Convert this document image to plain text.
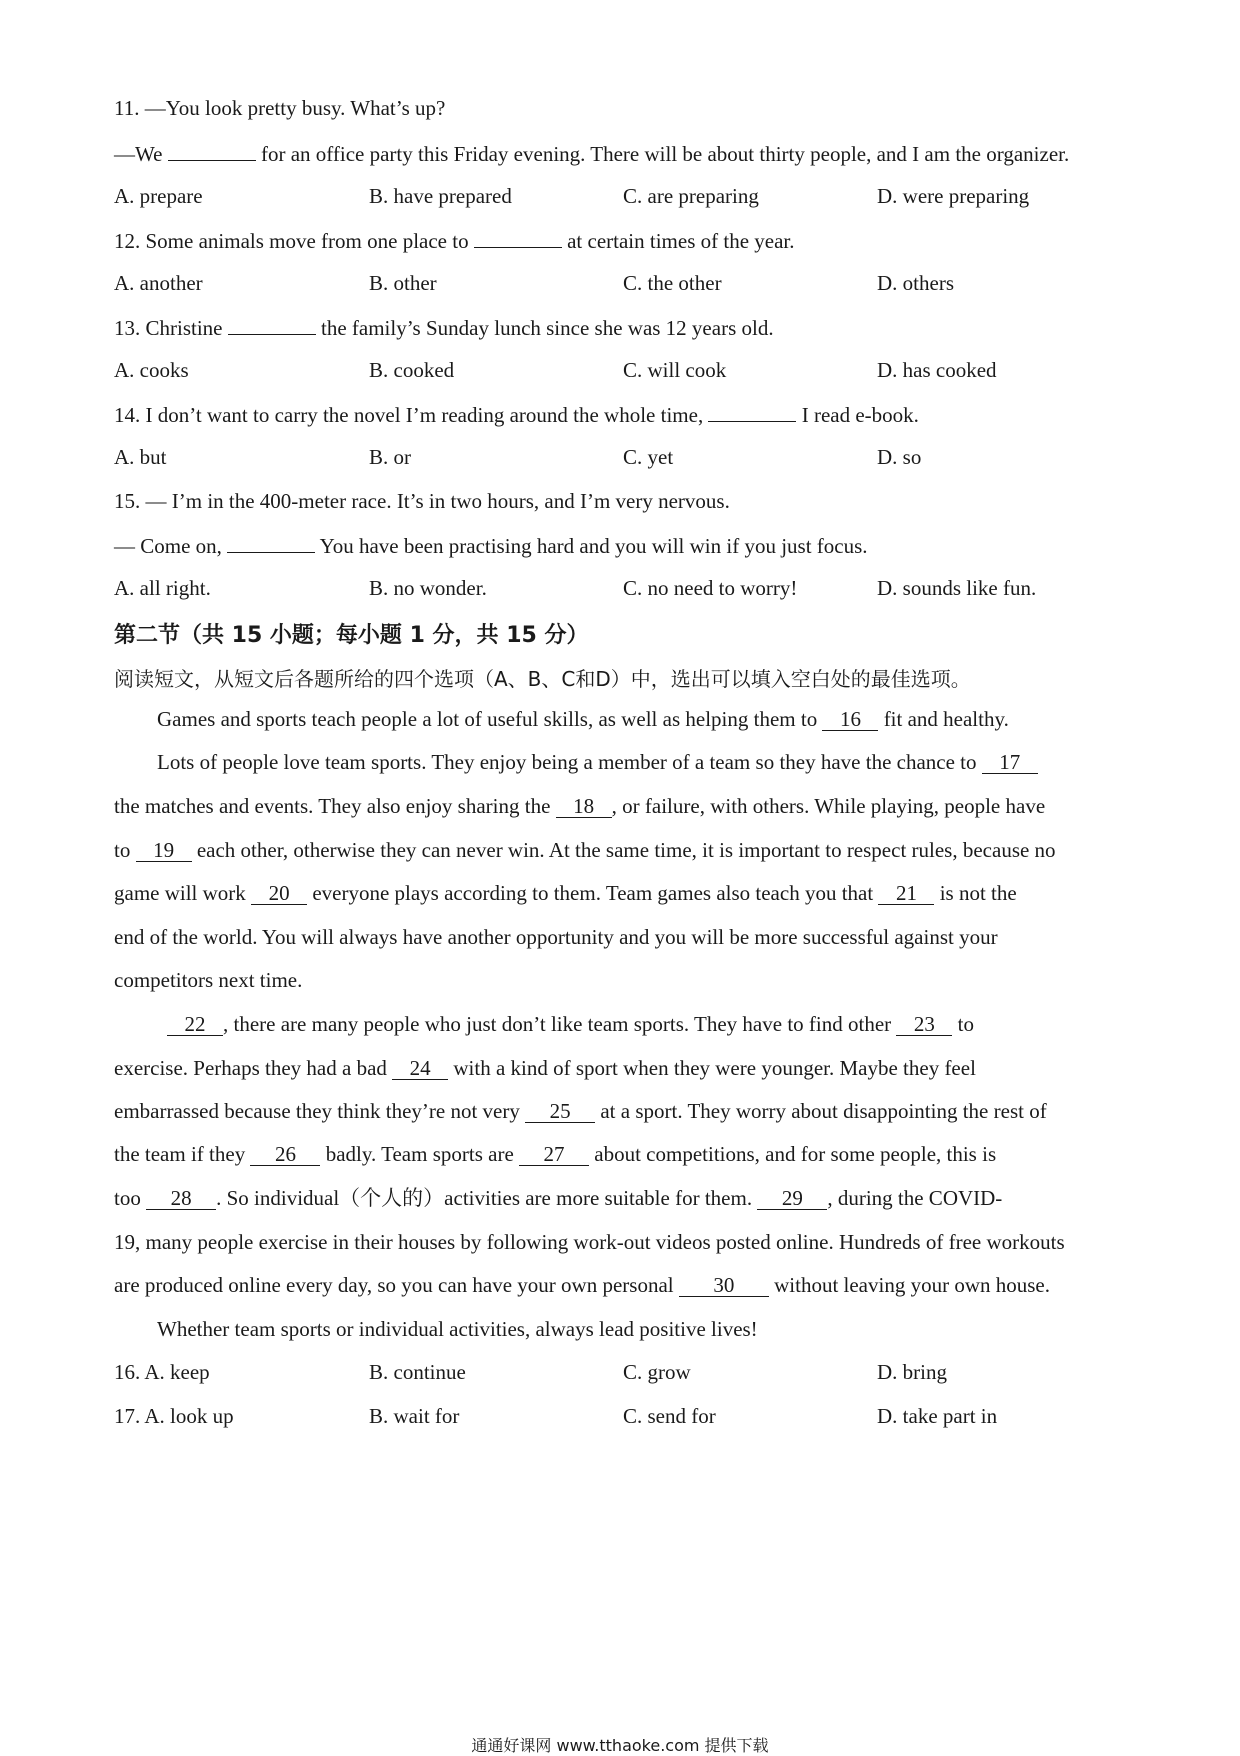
11. —You look pretty busy. What’s up?
—We	for an office party this Friday evening. There will be about thirty people, and I am the organizer.
A. prepare	B. have prepared	C. are preparing	D. were preparing
12. Some animals move from one place to	at certain times of the year.
A. another	B. other	C. the other	D. others
13. Christine	the family’s Sunday lunch since she was 12 years old.
A. cooks	B. cooked	C. will cook	D. has cooked
14. I don’t want to carry the novel I’m reading around the whole time,	I read e-book.
A. but	B. or	C. yet	D. so
15. — I’m in the 400-meter race. It’s in two hours, and I’m very nervous.
— Come on,	You have been practising hard and you will win if you just focus.
A. all right.	B. no wonder.	C. no need to worry!	D. sounds like fun.
第二节（共 15 小题；每小题 1 分，共 15 分）
阅读短文，从短文后各题所给的四个选项（A、B、C和D）中，选出可以填入空白处的最佳选项。
Games and sports teach people a lot of useful skills, as well as helping them to 16 fit and healthy.
Lots of people love team sports. They enjoy being a member of a team so they have the chance to 17
the matches and events. They also enjoy sharing the 18 , or failure, with others. While playing, people have
to 19 each other, otherwise they can never win. At the same time, it is important to respect rules, because no
game will work 20 everyone plays according to them. Team games also teach you that 21 is not the
end of the world. You will always have another opportunity and you will be more successful against your
competitors next time.
22 , there are many people who just don’t like team sports. They have to find other 23 to
exercise. Perhaps they had a bad 24 with a kind of sport when they were younger. Maybe they feel
embarrassed because they think they’re not very 25 at a sport. They worry about disappointing the rest of
the team if they 26 badly. Team sports are 27 about competitions, and for some people, this is
too 28 . So individual（个人的）activities are more suitable for them. 29 , during the COVID-
19, many people exercise in their houses by following work-out videos posted online. Hundreds of free workouts
are produced online every day, so you can have your own personal 30 without leaving your own house.
Whether team sports or individual activities, always lead positive lives!
16. A. keep	B. continue	C. grow	D. bring
17. A. look up	B. wait for	C. send for	D. take part in
通通好课网 www.tthaoke.com 提供下载
